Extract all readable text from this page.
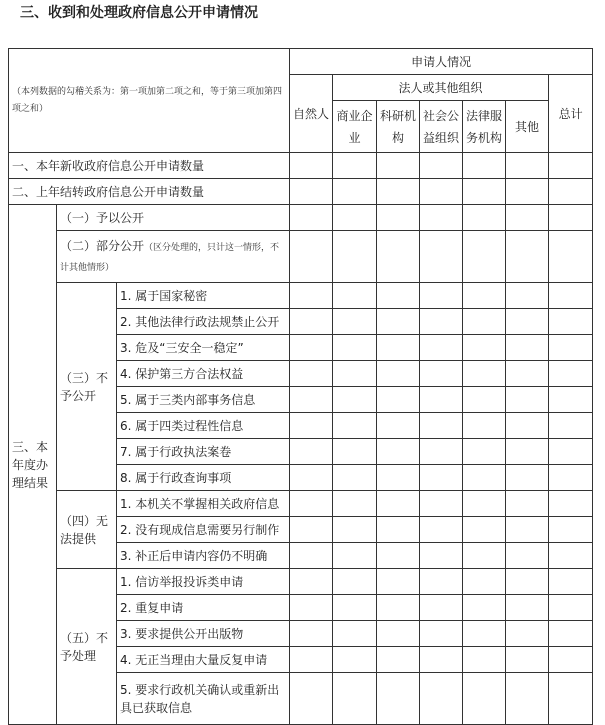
三、收到和处理政府信息公开申请情况
（本列数据的勾稽关系为：第一项加第二项之和，等于第三项加第四项之和）			申请人情况						
			自然人	法人或其他组织					总计
				商业企业	科研机构	社会公益组织	法律服务机构	其他	

一、本年新收政府信息公开申请数量									
二、上年结转政府信息公开申请数量									
三、本年度办理结果	（一）予以公开								
	（二）部分公开（区分处理的，只计这一情形，不计其他情形）								
	（三）不予公开	1. 属于国家秘密							
		2. 其他法律行政法规禁止公开							
		3. 危及“三安全一稳定”							
		4. 保护第三方合法权益							
		5. 属于三类内部事务信息							
		6. 属于四类过程性信息							
		7. 属于行政执法案卷							
		8. 属于行政查询事项							
	（四）无法提供	1. 本机关不掌握相关政府信息							
		2. 没有现成信息需要另行制作							
		3. 补正后申请内容仍不明确							
	（五）不予处理	1. 信访举报投诉类申请							
		2. 重复申请							
		3. 要求提供公开出版物							
		4. 无正当理由大量反复申请							
		5. 要求行政机关确认或重新出具已获取信息							
